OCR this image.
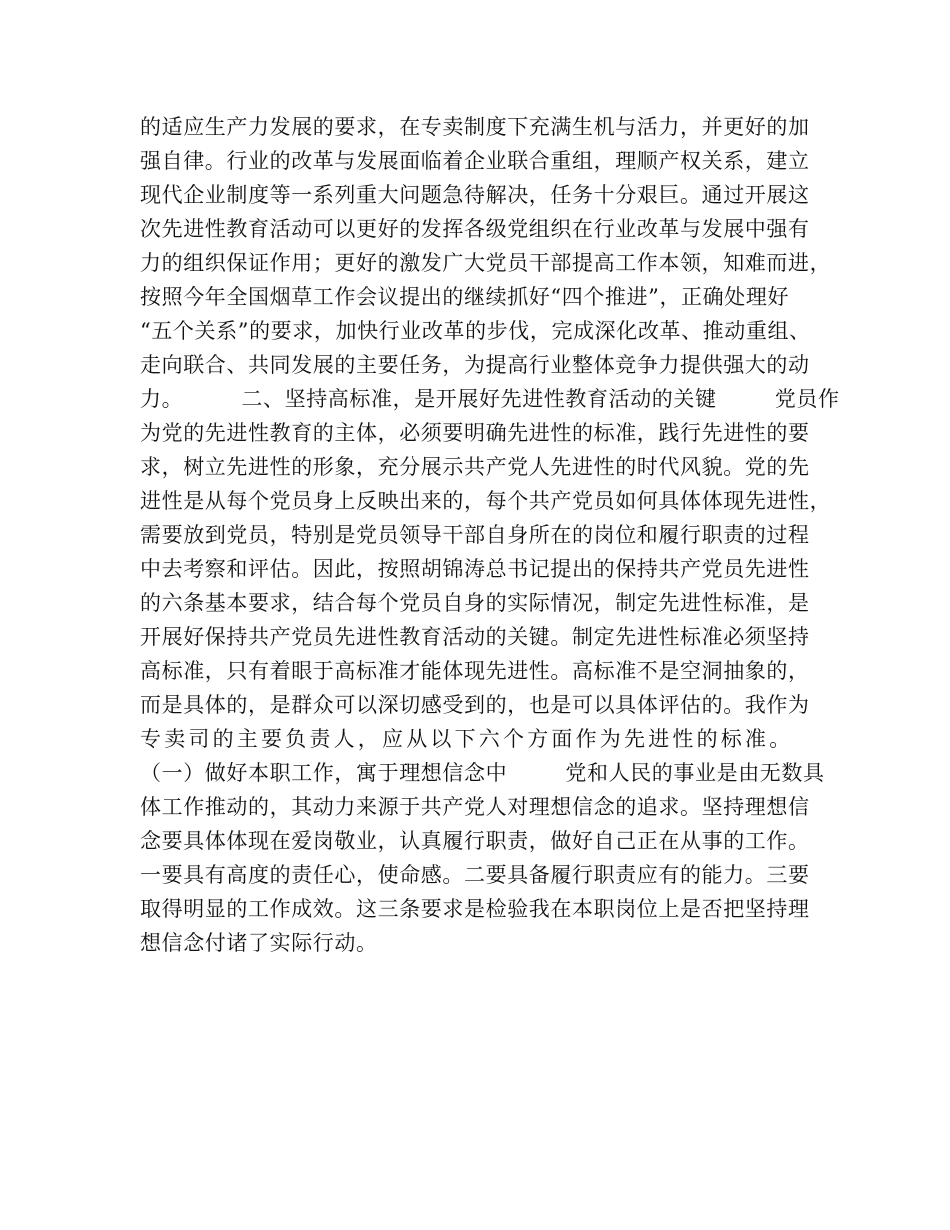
的适应生产力发展的要求，在专卖制度下充满生机与活力，并更好的加
强自律。行业的改革与发展面临着企业联合重组，理顺产权关系，建立
现代企业制度等一系列重大问题急待解决，任务十分艰巨。通过开展这
次先进性教育活动可以更好的发挥各级党组织在行业改革与发展中强有
力的组织保证作用；更好的激发广大党员干部提高工作本领，知难而进，
按照今年全国烟草工作会议提出的继续抓好“四个推进”，正确处理好
“五个关系”的要求，加快行业改革的步伐，完成深化改革、推动重组、
走向联合、共同发展的主要任务，为提高行业整体竞争力提供强大的动
力。        二、坚持高标准，是开展好先进性教育活动的关键        党员作
为党的先进性教育的主体，必须要明确先进性的标准，践行先进性的要
求，树立先进性的形象，充分展示共产党人先进性的时代风貌。党的先
进性是从每个党员身上反映出来的，每个共产党员如何具体体现先进性，
需要放到党员，特别是党员领导干部自身所在的岗位和履行职责的过程
中去考察和评估。因此，按照胡锦涛总书记提出的保持共产党员先进性
的六条基本要求，结合每个党员自身的实际情况，制定先进性标准，是
开展好保持共产党员先进性教育活动的关键。制定先进性标准必须坚持
高标准，只有着眼于高标准才能体现先进性。高标准不是空洞抽象的，
而是具体的，是群众可以深切感受到的，也是可以具体评估的。我作为
专卖司的主要负责人，应从以下六个方面作为先进性的标准。
（一）做好本职工作，寓于理想信念中        党和人民的事业是由无数具
体工作推动的，其动力来源于共产党人对理想信念的追求。坚持理想信
念要具体体现在爱岗敬业，认真履行职责，做好自己正在从事的工作。
一要具有高度的责任心，使命感。二要具备履行职责应有的能力。三要
取得明显的工作成效。这三条要求是检验我在本职岗位上是否把坚持理
想信念付诸了实际行动。
